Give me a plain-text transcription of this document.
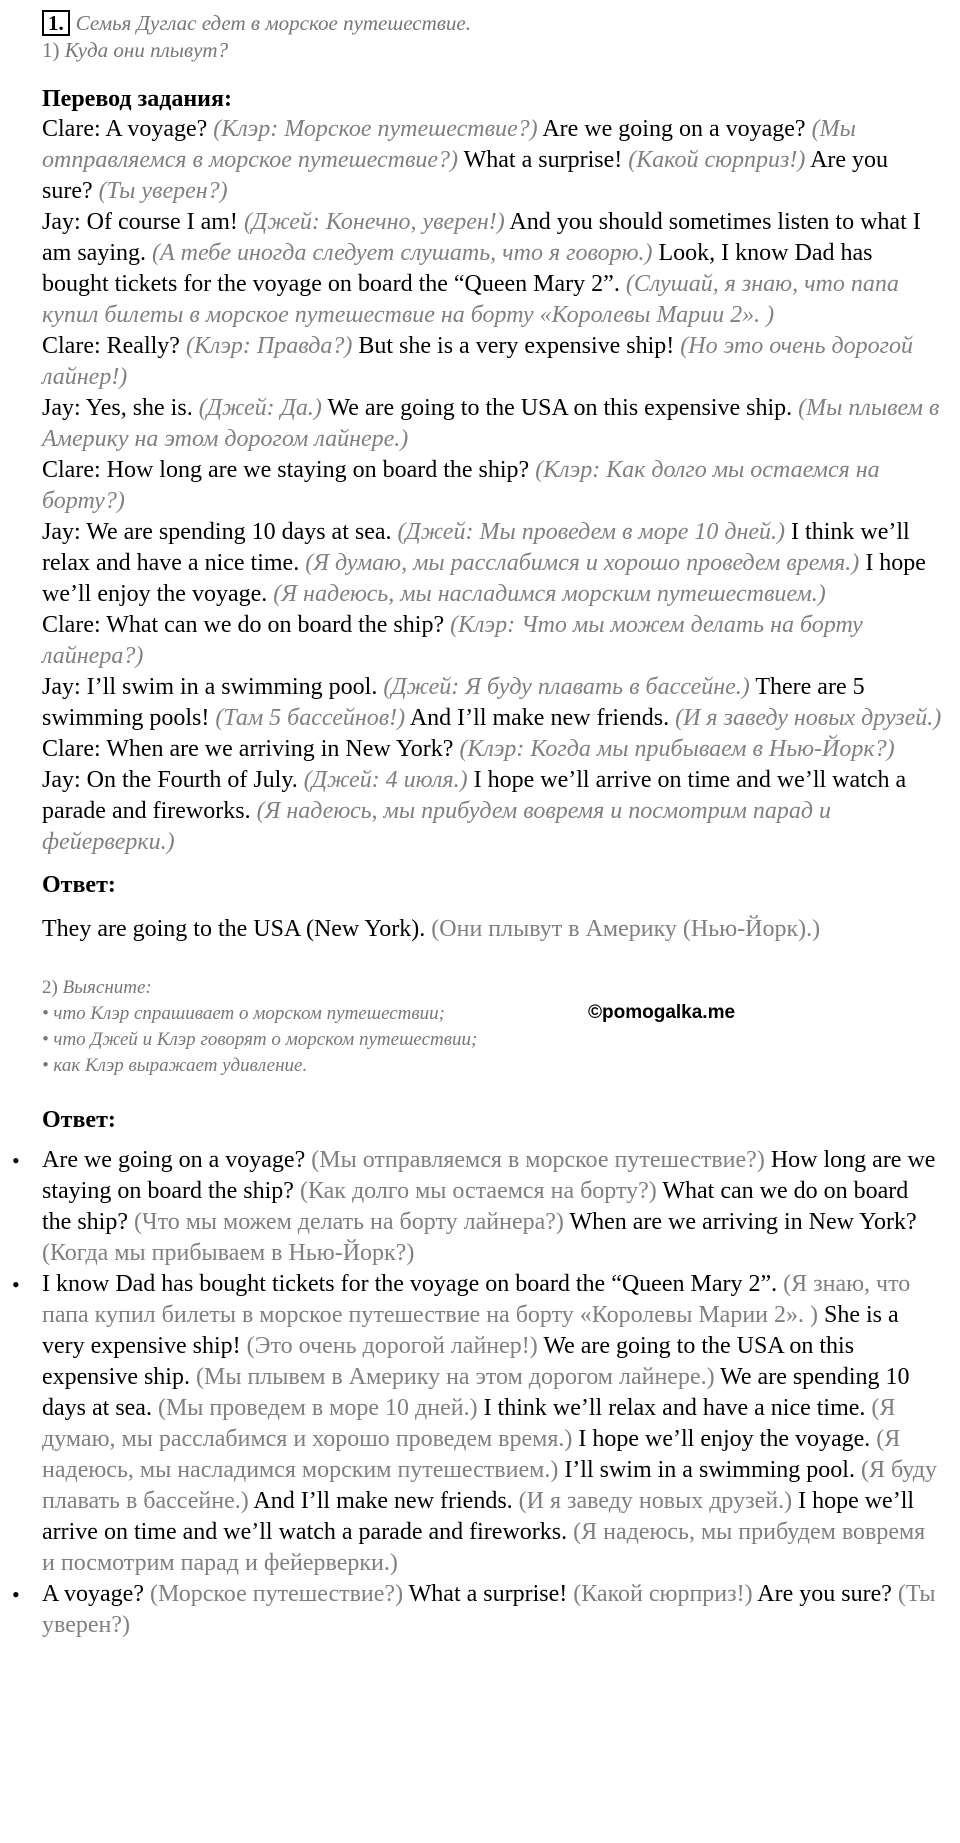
1. Семья Дуглас едет в морское путешествие.
1) Куда они плывут?
Перевод задания:

Clare: A voyage? (Клэр: Морское путешествие?) Are we going on a voyage? (Мы отправляемся в морское путешествие?) What a surprise! (Какой сюрприз!) Are you sure? (Ты уверен?)

Jay: Of course I am! (Джей: Конечно, уверен!) And you should sometimes listen to what I am saying. (А тебе иногда следует слушать, что я говорю.) Look, I know Dad has bought tickets for the voyage on board the “Queen Mary 2”. (Слушай, я знаю, что папа купил билеты в морское путешествие на борту «Королевы Марии 2». )

Clare: Really? (Клэр: Правда?) But she is a very expensive ship! (Но это очень дорогой лайнер!)

Jay: Yes, she is. (Джей: Да.) We are going to the USA on this expensive ship. (Мы плывем в Америку на этом дорогом лайнере.)

Clare: How long are we staying on board the ship? (Клэр: Как долго мы остаемся на борту?)

Jay: We are spending 10 days at sea. (Джей: Мы проведем в море 10 дней.) I think we’ll relax and have a nice time. (Я думаю, мы расслабимся и хорошо проведем время.) I hope we’ll enjoy the voyage. (Я надеюсь, мы насладимся морским путешествием.)

Clare: What can we do on board the ship? (Клэр: Что мы можем делать на борту лайнера?)

Jay: I’ll swim in a swimming pool. (Джей: Я буду плавать в бассейне.) There are 5 swimming pools! (Там 5 бассейнов!) And I’ll make new friends. (И я заведу новых друзей.)

Clare: When are we arriving in New York? (Клэр: Когда мы прибываем в Нью-Йорк?)

Jay: On the Fourth of July. (Джей: 4 июля.) I hope we’ll arrive on time and we’ll watch a parade and fireworks. (Я надеюсь, мы прибудем вовремя и посмотрим парад и фейерверки.)

Ответ:

They are going to the USA (New York). (Они плывут в Америку (Нью-Йорк).)

2) Выясните:
• что Клэр спрашивает о морском путешествии;
• что Джей и Клэр говорят о морском путешествии;
• как Клэр выражает удивление.
Ответ:
• Are we going on a voyage? (Мы отправляемся в морское путешествие?) How long are we staying on board the ship? (Как долго мы остаемся на борту?) What can we do on board the ship? (Что мы можем делать на борту лайнера?) When are we arriving in New York? (Когда мы прибываем в Нью-Йорк?)
• I know Dad has bought tickets for the voyage on board the “Queen Mary 2”. (Я знаю, что папа купил билеты в морское путешествие на борту «Королевы Марии 2». ) She is a very expensive ship! (Это очень дорогой лайнер!) We are going to the USA on this expensive ship. (Мы плывем в Америку на этом дорогом лайнере.) We are spending 10 days at sea. (Мы проведем в море 10 дней.) I think we’ll relax and have a nice time. (Я думаю, мы расслабимся и хорошо проведем время.) I hope we’ll enjoy the voyage. (Я надеюсь, мы насладимся морским путешествием.) I’ll swim in a swimming pool. (Я буду плавать в бассейне.) And I’ll make new friends. (И я заведу новых друзей.) I hope we’ll arrive on time and we’ll watch a parade and fireworks. (Я надеюсь, мы прибудем вовремя и посмотрим парад и фейерверки.)
• A voyage? (Морское путешествие?) What a surprise! (Какой сюрприз!) Are you sure? (Ты уверен?)
©pomogalka.me
